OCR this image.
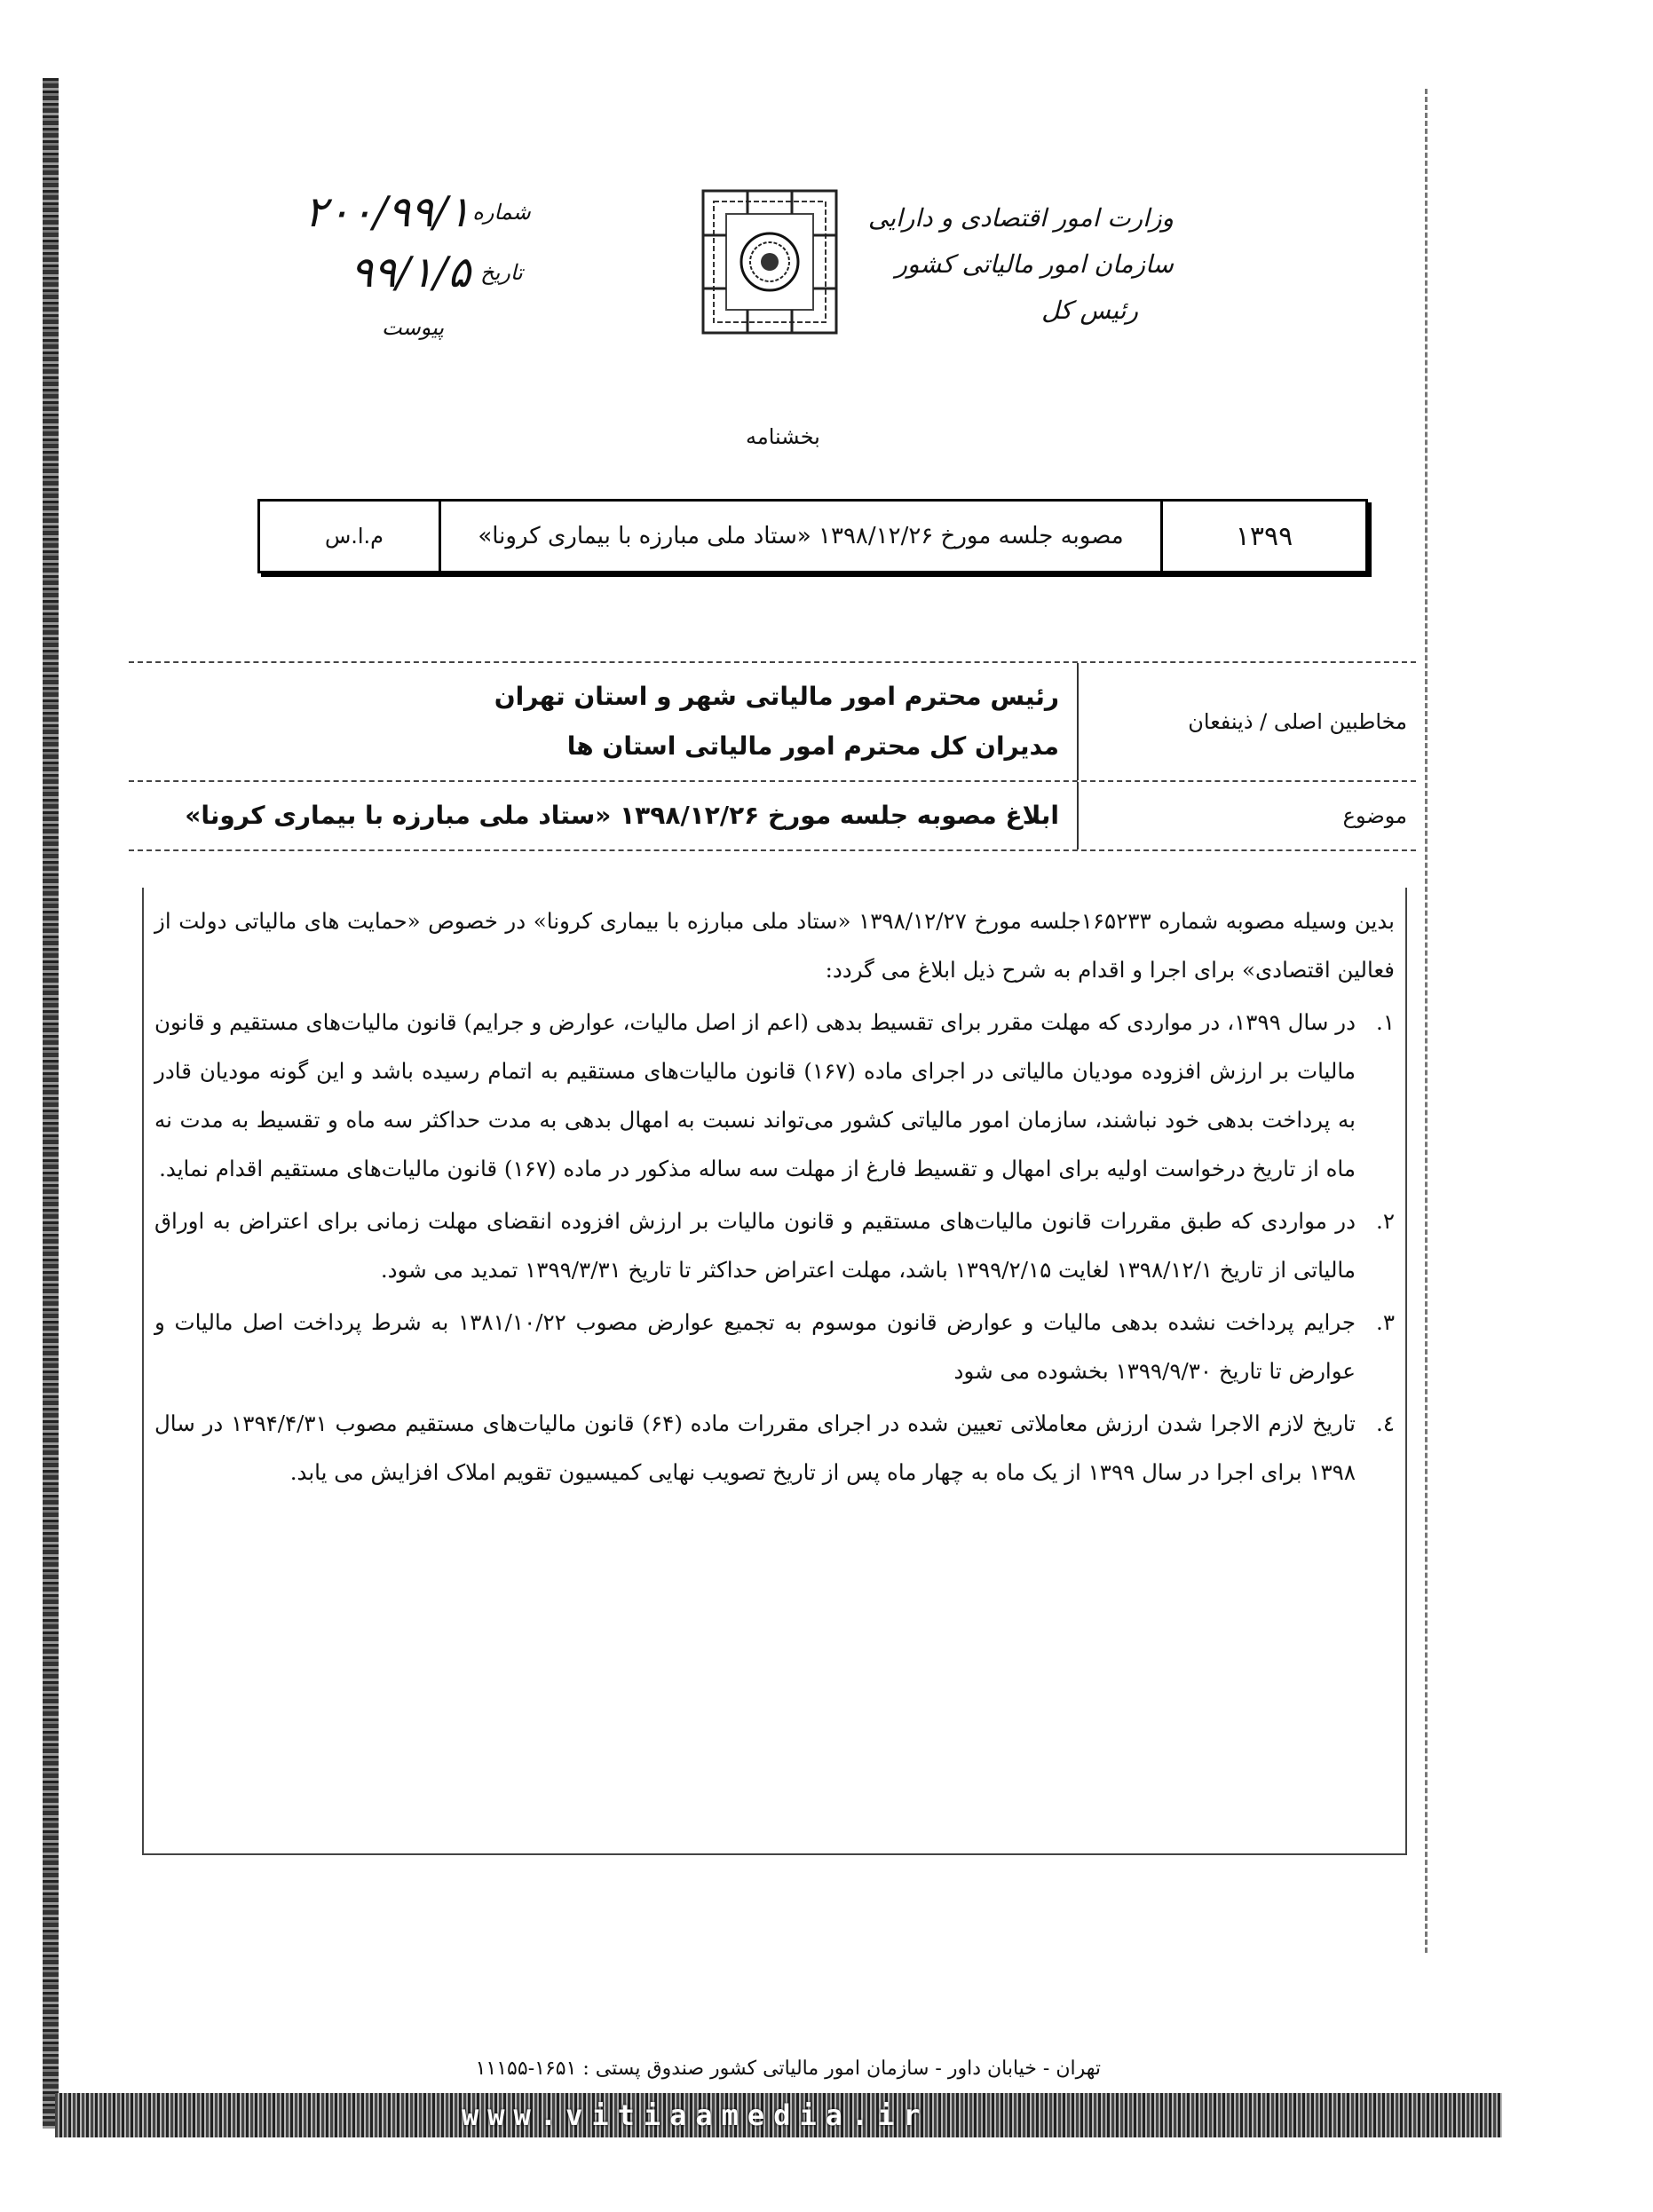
وزارت امور اقتصادی و دارایی
سازمان امور مالیاتی کشور
رئیس کل
شماره
۲۰۰/۹۹/۱
تاریخ
۹۹/۱/۵
پیوست
بخشنامه
۱۳۹۹
مصوبه جلسه مورخ ۱۳۹۸/۱۲/۲۶ «ستاد ملی مبارزه با بیماری کرونا»
م.ا.س
مخاطبین اصلی / ذینفعان
رئیس محترم امور مالیاتی شهر و استان تهران
مدیران کل محترم امور مالیاتی استان ها
موضوع
ابلاغ مصوبه جلسه مورخ ۱۳۹۸/۱۲/۲۶ «ستاد ملی مبارزه با بیماری کرونا»

بدین وسیله مصوبه شماره ۱۶۵۲۳۳جلسه مورخ ۱۳۹۸/۱۲/۲۷ «ستاد ملی مبارزه با بیماری کرونا» در خصوص «حمایت های مالیاتی دولت از فعالین اقتصادی» برای اجرا و اقدام به شرح ذیل ابلاغ می گردد:

۱.
در سال ۱۳۹۹، در مواردی که مهلت مقرر برای تقسیط بدهی (اعم از اصل مالیات، عوارض و جرایم) قانون مالیات‌های مستقیم و قانون مالیات بر ارزش افزوده مودیان مالیاتی در اجرای ماده (۱۶۷) قانون مالیات‌های مستقیم به اتمام رسیده باشد و این گونه مودیان قادر به پرداخت بدهی خود نباشند، سازمان امور مالیاتی کشور می‌تواند نسبت به امهال بدهی به مدت حداکثر سه ماه و تقسیط به مدت نه ماه از تاریخ درخواست اولیه برای امهال و تقسیط فارغ از مهلت سه ساله مذکور در ماده (۱۶۷) قانون مالیات‌های مستقیم اقدام نماید.
۲.
در مواردی که طبق مقررات قانون مالیات‌های مستقیم و قانون مالیات بر ارزش افزوده انقضای مهلت زمانی برای اعتراض به اوراق مالیاتی از تاریخ ۱۳۹۸/۱۲/۱ لغایت ۱۳۹۹/۲/۱۵ باشد، مهلت اعتراض حداکثر تا تاریخ ۱۳۹۹/۳/۳۱ تمدید می شود.
۳.
جرایم پرداخت نشده بدهی مالیات و عوارض قانون موسوم به تجمیع عوارض مصوب ۱۳۸۱/۱۰/۲۲ به شرط پرداخت اصل مالیات و عوارض تا تاریخ ۱۳۹۹/۹/۳۰ بخشوده می شود
٤.
تاریخ لازم الاجرا شدن ارزش معاملاتی تعیین شده در اجرای مقررات ماده (۶۴) قانون مالیات‌های مستقیم مصوب ۱۳۹۴/۴/۳۱ در سال ۱۳۹۸ برای اجرا در سال ۱۳۹۹ از یک ماه به چهار ماه پس از تاریخ تصویب نهایی کمیسیون تقویم املاک افزایش می یابد.
تهران - خیابان داور - سازمان امور مالیاتی کشور صندوق پستی : ۱۶۵۱-۱۱۱۵۵
www.vitiaamedia.ir
